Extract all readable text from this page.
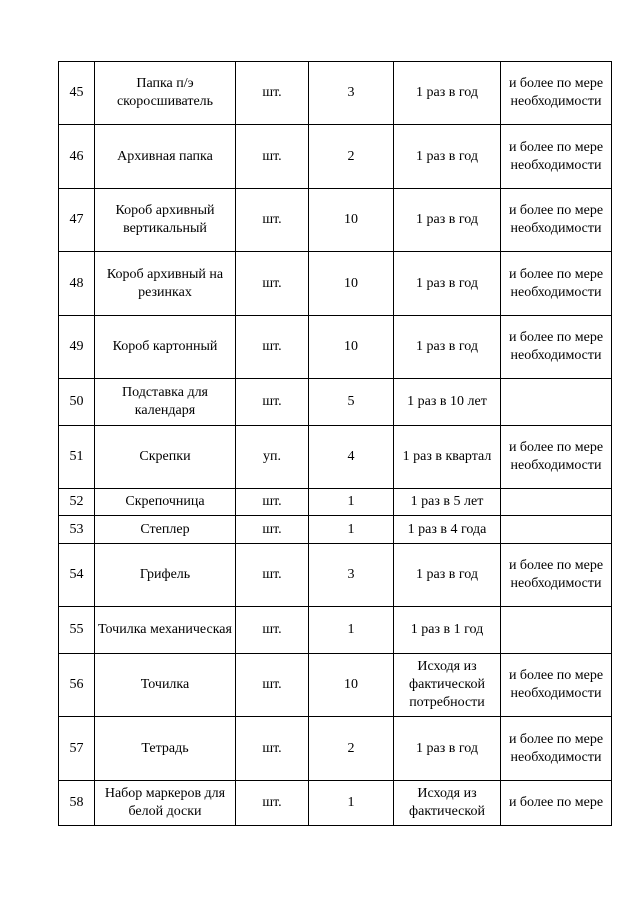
45	Папка п/э скоросшиватель	шт.	3	1 раз в год	и более по мере необходимости

46	Архивная папка	шт.	2	1 раз в год	и более по мере необходимости

47	Короб архивный вертикальный	шт.	10	1 раз в год	и более по мере необходимости

48	Короб архивный на резинках	шт.	10	1 раз в год	и более по мере необходимости

49	Короб картонный	шт.	10	1 раз в год	и более по мере необходимости

50	Подставка для календаря	шт.	5	1 раз в 10 лет	

51	Скрепки	уп.	4	1 раз в квартал	и более по мере необходимости

52	Скрепочница	шт.	1	1 раз в 5 лет	

53	Степлер	шт.	1	1 раз в 4 года	

54	Грифель	шт.	3	1 раз в год	и более по мере необходимости

55	Точилка механическая	шт.	1	1 раз в 1 год	

56	Точилка	шт.	10	Исходя из фактической потребности	и более по мере необходимости

57	Тетрадь	шт.	2	1 раз в год	и более по мере необходимости

58	Набор маркеров для белой доски	шт.	1	Исходя из фактической	и более по мере
